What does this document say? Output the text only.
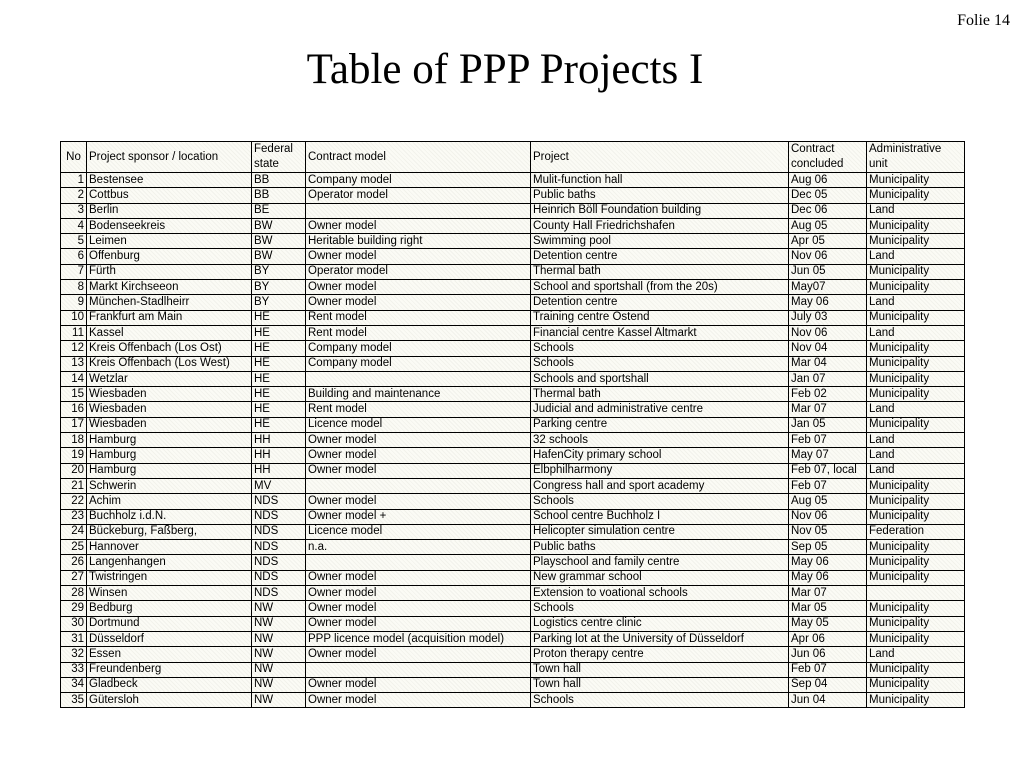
Folie 14
Table of PPP Projects I
No	Project sponsor / location	Federal state	Contract model	Project	Contract concluded	Administrative unit
1	Bestensee	BB	Company model	Mulit-function hall	Aug 06	Municipality
2	Cottbus	BB	Operator model	Public baths	Dec 05	Municipality
3	Berlin	BE		Heinrich Böll Foundation building	Dec 06	Land
4	Bodenseekreis	BW	Owner model	County Hall Friedrichshafen	Aug 05	Municipality
5	Leimen	BW	Heritable building right	Swimming pool	Apr 05	Municipality
6	Offenburg	BW	Owner model	Detention centre	Nov 06	Land
7	Fürth	BY	Operator model	Thermal bath	Jun 05	Municipality
8	Markt Kirchseeon	BY	Owner model	School and sportshall (from the 20s)	May07	Municipality
9	München-Stadlheirr	BY	Owner model	Detention centre	May 06	Land
10	Frankfurt am Main	HE	Rent model	Training centre Ostend	July 03	Municipality
11	Kassel	HE	Rent model	Financial centre Kassel Altmarkt	Nov 06	Land
12	Kreis Offenbach (Los Ost)	HE	Company model	Schools	Nov 04	Municipality
13	Kreis Offenbach (Los West)	HE	Company model	Schools	Mar 04	Municipality
14	Wetzlar	HE		Schools and sportshall	Jan 07	Municipality
15	Wiesbaden	HE	Building and maintenance	Thermal bath	Feb 02	Municipality
16	Wiesbaden	HE	Rent model	Judicial and administrative centre	Mar 07	Land
17	Wiesbaden	HE	Licence model	Parking centre	Jan 05	Municipality
18	Hamburg	HH	Owner model	32 schools	Feb 07	Land
19	Hamburg	HH	Owner model	HafenCity primary school	May 07	Land
20	Hamburg	HH	Owner model	Elbphilharmony	Feb 07, local	Land
21	Schwerin	MV		Congress hall and sport academy	Feb 07	Municipality
22	Achim	NDS	Owner model	Schools	Aug 05	Municipality
23	Buchholz i.d.N.	NDS	Owner model +	School centre Buchholz I	Nov 06	Municipality
24	Bückeburg, Faßberg,	NDS	Licence model	Helicopter simulation centre	Nov 05	Federation
25	Hannover	NDS	n.a.	Public baths	Sep 05	Municipality
26	Langenhangen	NDS		Playschool and family centre	May 06	Municipality
27	Twistringen	NDS	Owner model	New grammar school	May 06	Municipality
28	Winsen	NDS	Owner model	Extension to voational schools	Mar 07	
29	Bedburg	NW	Owner model	Schools	Mar 05	Municipality
30	Dortmund	NW	Owner model	Logistics centre clinic	May 05	Municipality
31	Düsseldorf	NW	PPP licence model (acquisition model)	Parking lot at the University of Düsseldorf	Apr 06	Municipality
32	Essen	NW	Owner model	Proton therapy centre	Jun 06	Land
33	Freundenberg	NW		Town hall	Feb 07	Municipality
34	Gladbeck	NW	Owner model	Town hall	Sep 04	Municipality
35	Gütersloh	NW	Owner model	Schools	Jun 04	Municipality
